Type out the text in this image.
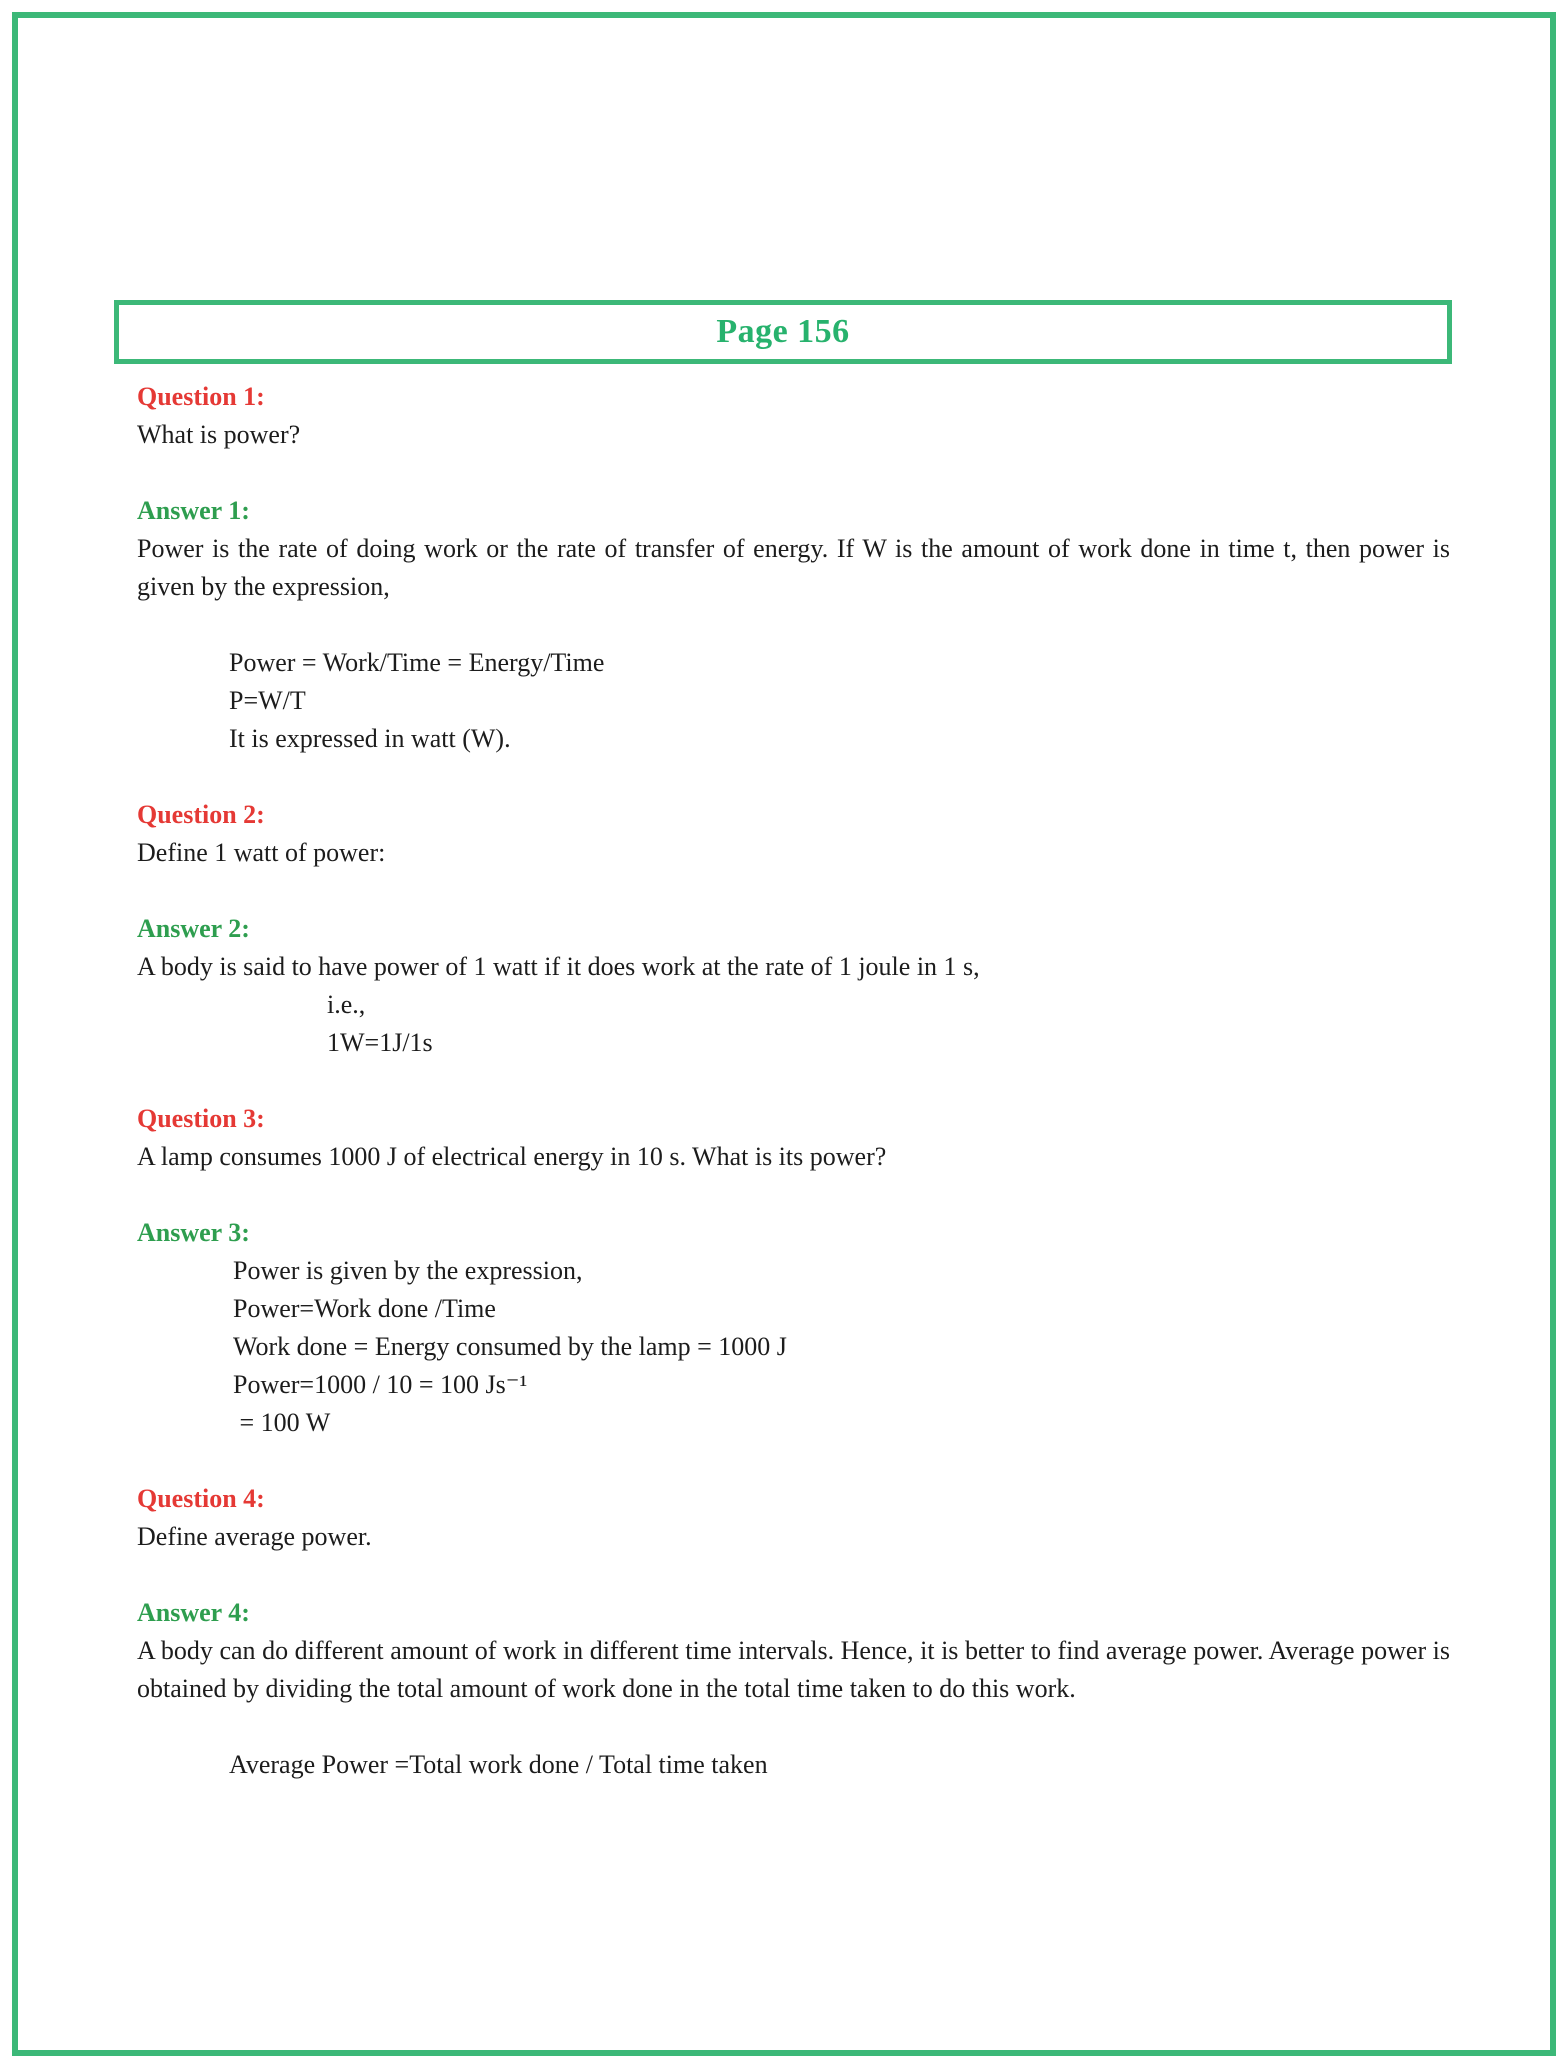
Page 156
Question 1:
What is power?
Answer 1:
Power is the rate of doing work or the rate of transfer of energy. If W is the amount of work done in time t, then power is given by the expression,
Power = Work/Time = Energy/Time
P=W/T
It is expressed in watt (W).
Question 2:
Define 1 watt of power:
Answer 2:
A body is said to have power of 1 watt if it does work at the rate of 1 joule in 1 s,
i.e.,
1W=1J/1s
Question 3:
A lamp consumes 1000 J of electrical energy in 10 s. What is its power?
Answer 3:
Power is given by the expression,
Power=Work done /Time
Work done = Energy consumed by the lamp = 1000 J
Power=1000 / 10 = 100 Js⁻¹
= 100 W
Question 4:
Define average power.
Answer 4:
A body can do different amount of work in different time intervals. Hence, it is better to find average power. Average power is obtained by dividing the total amount of work done in the total time taken to do this work.
Average Power =Total work done / Total time taken
